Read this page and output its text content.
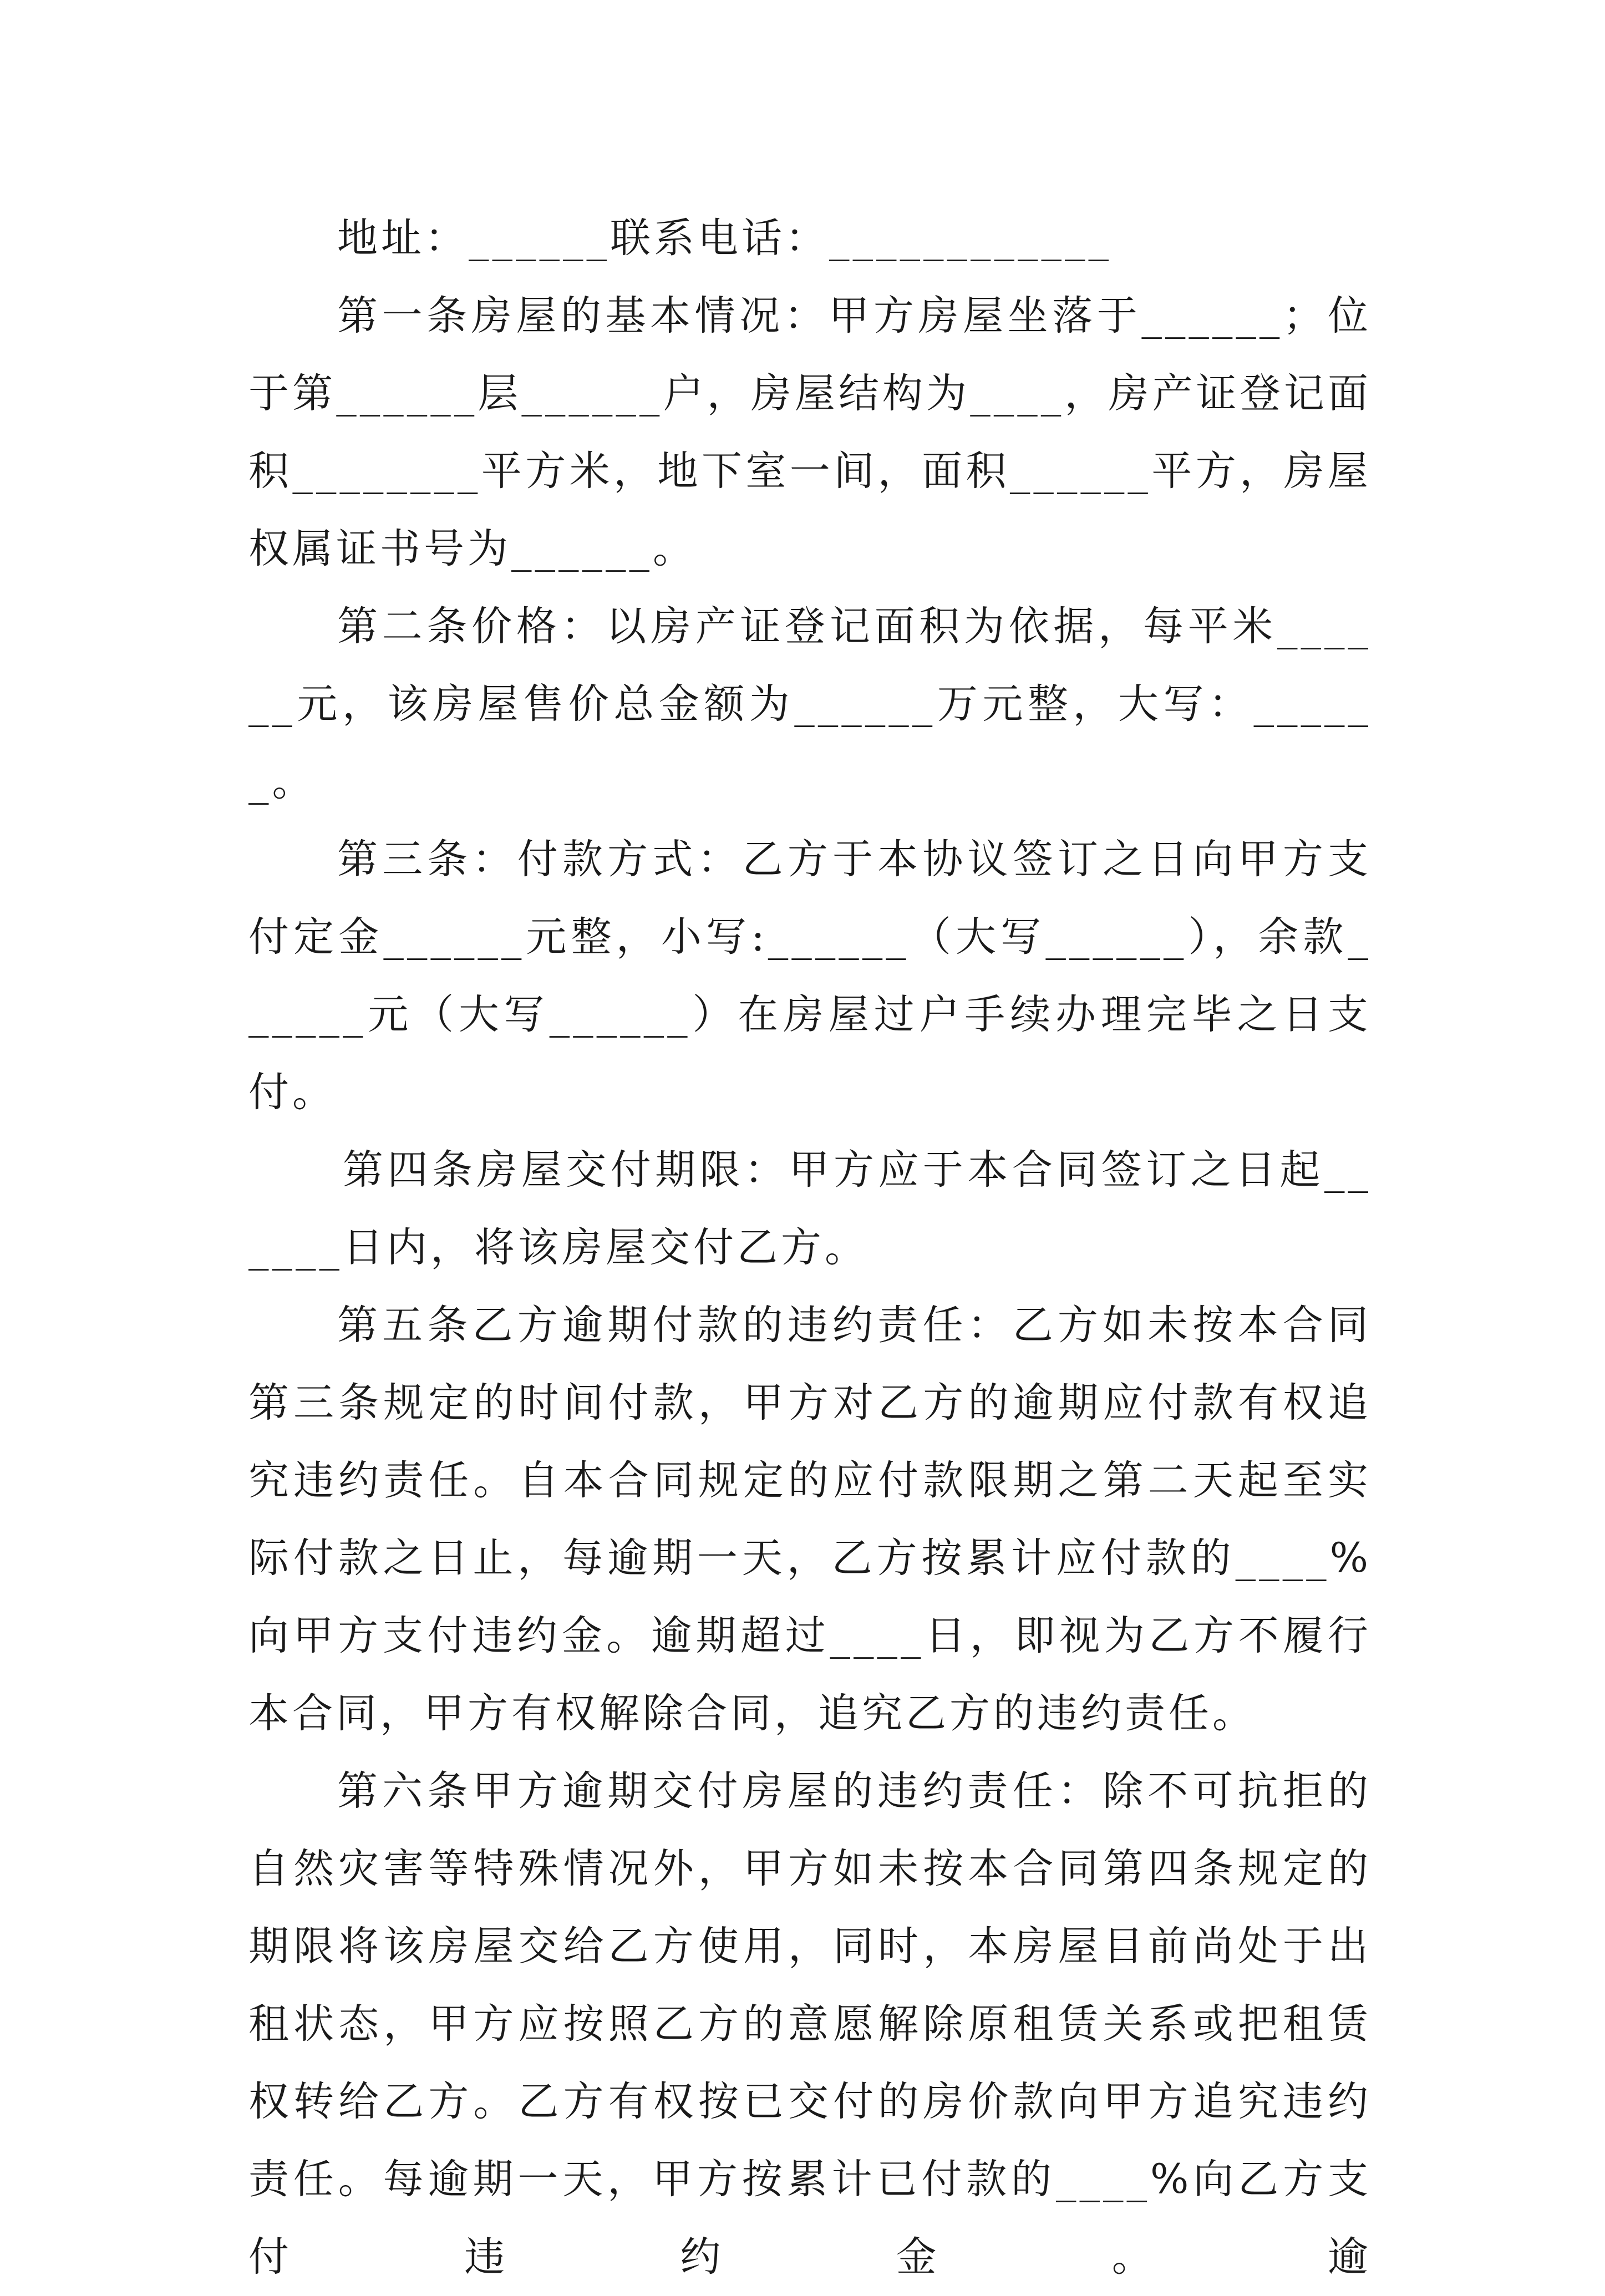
地址：______联系电话：____________

第一条房屋的基本情况：甲方房屋坐落于______；位于第______层______户，房屋结构为____，房产证登记面积________平方米，地下室一间，面积______平方，房屋权属证书号为______。

第二条价格：以房产证登记面积为依据，每平米______元，该房屋售价总金额为______万元整，大写：______。

第三条：付款方式：乙方于本协议签订之日向甲方支付定金______元整，小写:______（大写______），余款______元（大写______）在房屋过户手续办理完毕之日支付。

第四条房屋交付期限：甲方应于本合同签订之日起______日内，将该房屋交付乙方。

第五条乙方逾期付款的违约责任：乙方如未按本合同第三条规定的时间付款，甲方对乙方的逾期应付款有权追究违约责任。自本合同规定的应付款限期之第二天起至实际付款之日止，每逾期一天，乙方按累计应付款的____%向甲方支付违约金。逾期超过____日，即视为乙方不履行本合同，甲方有权解除合同，追究乙方的违约责任。

第六条甲方逾期交付房屋的违约责任：除不可抗拒的自然灾害等特殊情况外，甲方如未按本合同第四条规定的期限将该房屋交给乙方使用，同时，本房屋目前尚处于出租状态，甲方应按照乙方的意愿解除原租赁关系或把租赁权转给乙方。乙方有权按已交付的房价款向甲方追究违约责任。每逾期一天，甲方按累计已付款的____%向乙方支付违约金。逾
